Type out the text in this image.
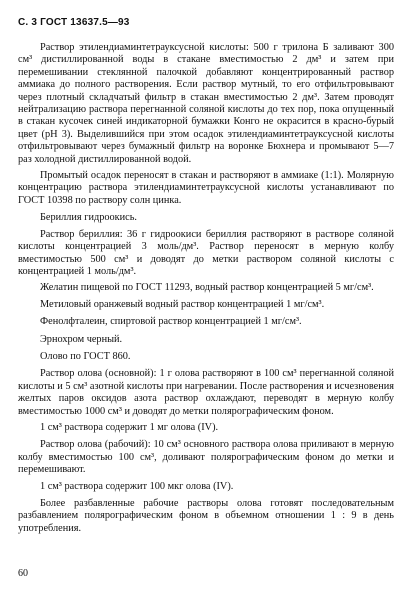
С. 3 ГОСТ 13637.5—93

Раствор этилендиаминтетрауксусной кислоты: 500 г трилона Б заливают 300 см³ дистиллированной воды в стакане вместимостью 2 дм³ и затем при перемешивании стеклянной палочкой добавляют концентрированный раствор аммиака до полного растворения. Если раствор мутный, то его отфильтровывают через плотный складчатый фильтр в стакан вместимостью 2 дм³. Затем проводят нейтрализацию раствора перегнанной соляной кислоты до тех пор, пока опущенный в стакан кусочек синей индикаторной бумажки Конго не окрасится в красно-бурый цвет (pH 3). Выделившийся при этом осадок этилендиаминтетрауксусной кислоты отфильтровывают через бумажный фильтр на воронке Бюхнера и промывают 5—7 раз холодной дистиллированной водой.

Промытый осадок переносят в стакан и растворяют в аммиаке (1:1). Молярную концентрацию раствора этилендиаминтетрауксусной кислоты устанавливают по ГОСТ 10398 по раствору солн цинка.

Бериллия гидроокись.

Раствор бериллия: 36 г гидроокиси бериллия растворяют в растворе соляной кислоты концентрацией 3 моль/дм³. Раствор переносят в мерную колбу вместимостью 500 см³ и доводят до метки раствором соляной кислоты с концентрацией 1 моль/дм³.

Желатин пищевой по ГОСТ 11293, водный раствор концентрацией 5 мг/см³.

Метиловый оранжевый водный раствор концентрацией 1 мг/см³.

Фенолфталеин, спиртовой раствор концентрацией 1 мг/см³.

Эрнохром черный.

Олово по ГОСТ 860.

Раствор олова (основной): 1 г олова растворяют в 100 см³ перегнанной соляной кислоты и 5 см³ азотной кислоты при нагревании. После растворения и исчезновения желтых паров оксидов азота раствор охлаждают, переводят в мерную колбу вместимостью 1000 см³ и доводят до метки полярографическим фоном.

1 см³ раствора содержит 1 мг олова (IV).

Раствор олова (рабочий): 10 см³ основного раствора олова приливают в мерную колбу вместимостью 100 см³, доливают полярографическим фоном до метки и перемешивают.

1 см³ раствора содержит 100 мкг олова (IV).

Более разбавленные рабочие растворы олова готовят последовательным разбавлением полярографическим фоном в объемном отношении 1 : 9 в день употребления.

60
